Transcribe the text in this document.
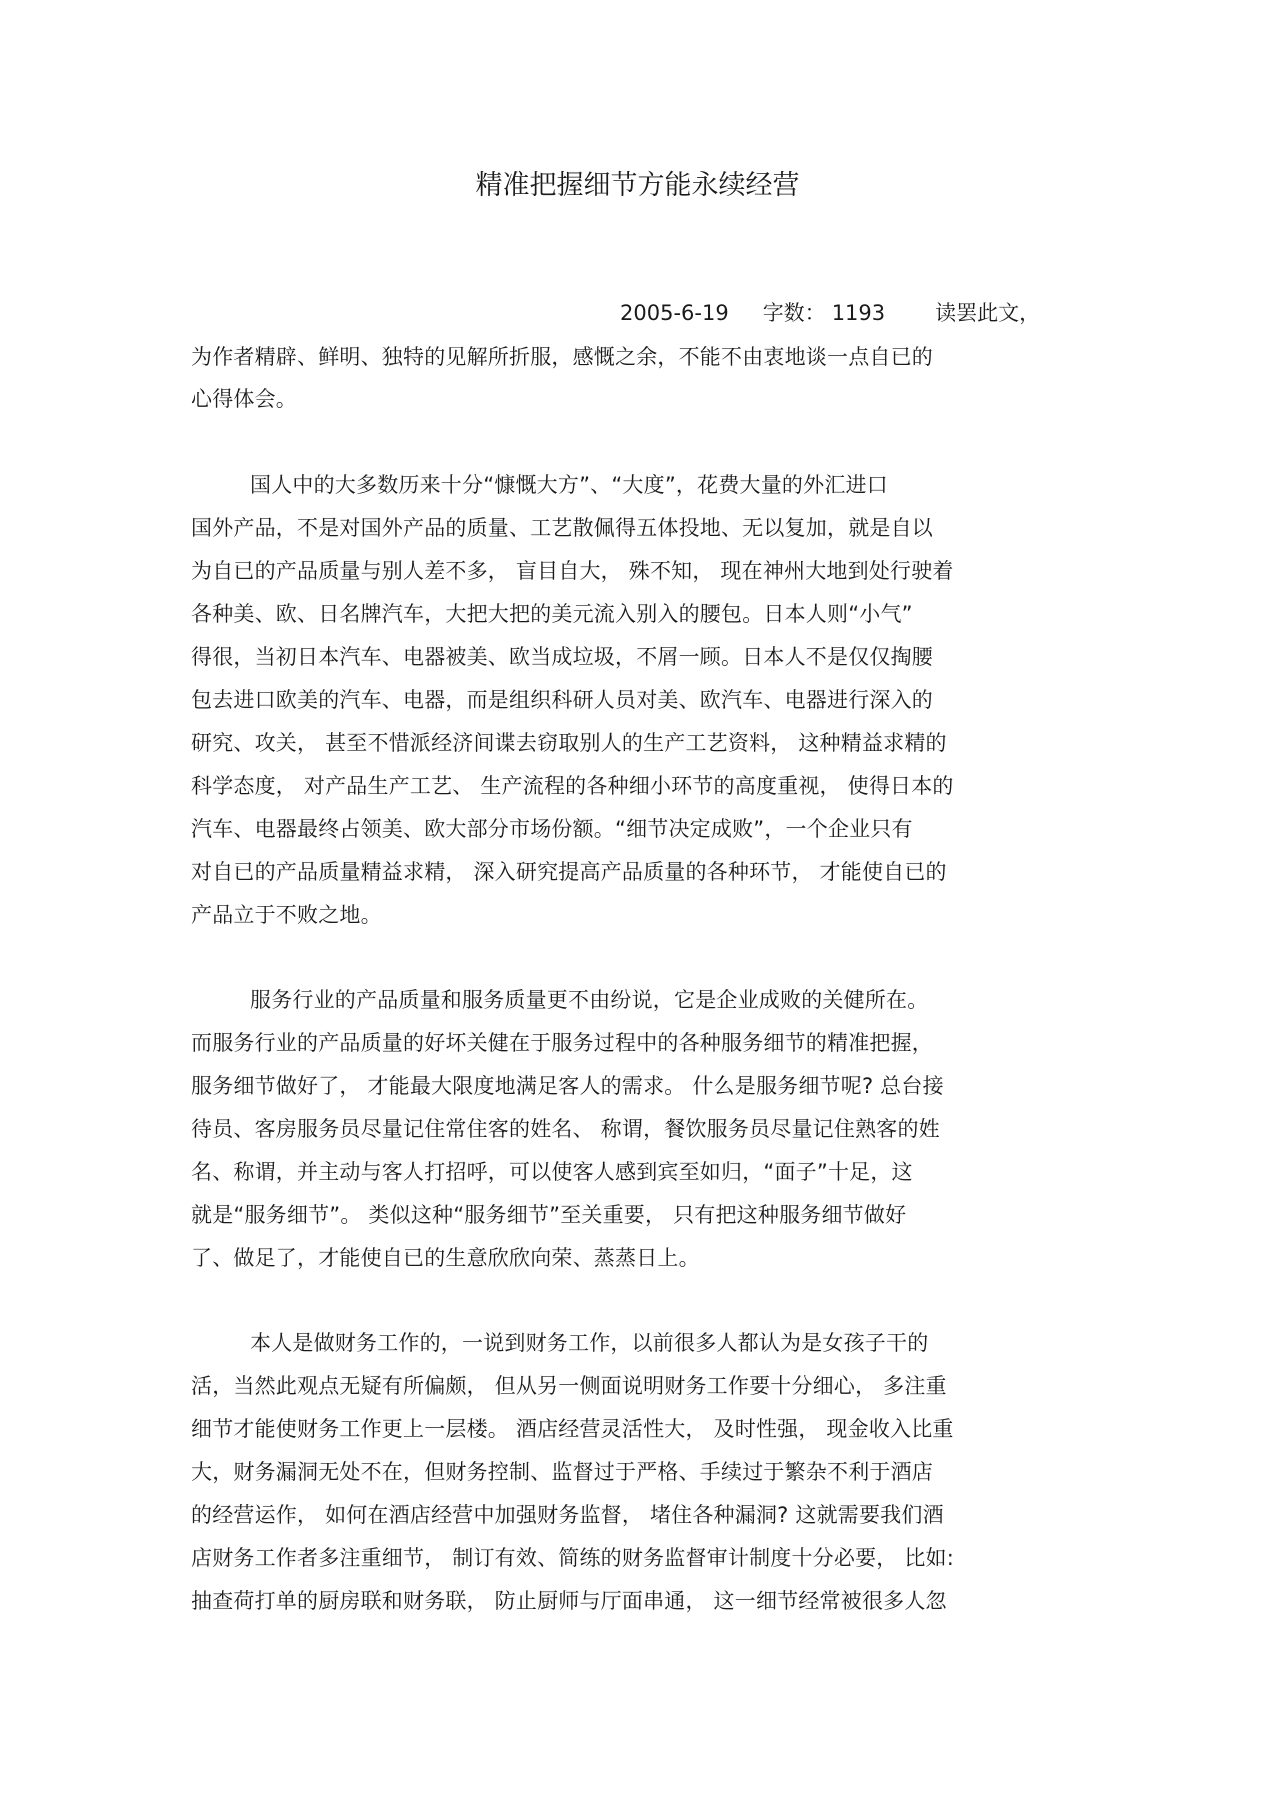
精准把握细节方能永续经营
2005-6-19 字数： 1193 读罢此文，
为作者精辟、鲜明、独特的见解所折服，感慨之余，不能不由衷地谈一点自已的
心得体会。
国人中的大多数历来十分“慷慨大方”、“大度”，花费大量的外汇进口
国外产品，不是对国外产品的质量、工艺散佩得五体投地、无以复加，就是自以
为自已的产品质量与别人差不多， 盲目自大， 殊不知， 现在神州大地到处行驶着
各种美、欧、日名牌汽车，大把大把的美元流入别入的腰包。日本人则“小气”
得很，当初日本汽车、电器被美、欧当成垃圾，不屑一顾。日本人不是仅仅掏腰
包去进口欧美的汽车、电器，而是组织科研人员对美、欧汽车、电器进行深入的
研究、攻关， 甚至不惜派经济间谍去窃取别人的生产工艺资料， 这种精益求精的
科学态度， 对产品生产工艺、 生产流程的各种细小环节的高度重视， 使得日本的
汽车、电器最终占领美、欧大部分市场份额。“细节决定成败”，一个企业只有
对自已的产品质量精益求精， 深入研究提高产品质量的各种环节， 才能使自已的
产品立于不败之地。
服务行业的产品质量和服务质量更不由纷说，它是企业成败的关健所在。
而服务行业的产品质量的好坏关健在于服务过程中的各种服务细节的精准把握，
服务细节做好了， 才能最大限度地满足客人的需求。 什么是服务细节呢? 总台接
待员、客房服务员尽量记住常住客的姓名、 称谓，餐饮服务员尽量记住熟客的姓
名、称谓，并主动与客人打招呼，可以使客人感到宾至如归，“面子”十足，这
就是“服务细节”。 类似这种“服务细节”至关重要， 只有把这种服务细节做好
了、做足了，才能使自已的生意欣欣向荣、蒸蒸日上。
本人是做财务工作的，一说到财务工作，以前很多人都认为是女孩子干的
活，当然此观点无疑有所偏颇， 但从另一侧面说明财务工作要十分细心， 多注重
细节才能使财务工作更上一层楼。 酒店经营灵活性大， 及时性强， 现金收入比重
大，财务漏洞无处不在，但财务控制、监督过于严格、手续过于繁杂不利于酒店
的经营运作， 如何在酒店经营中加强财务监督， 堵住各种漏洞? 这就需要我们酒
店财务工作者多注重细节， 制订有效、简练的财务监督审计制度十分必要， 比如:
抽查荷打单的厨房联和财务联， 防止厨师与厅面串通， 这一细节经常被很多人忽
